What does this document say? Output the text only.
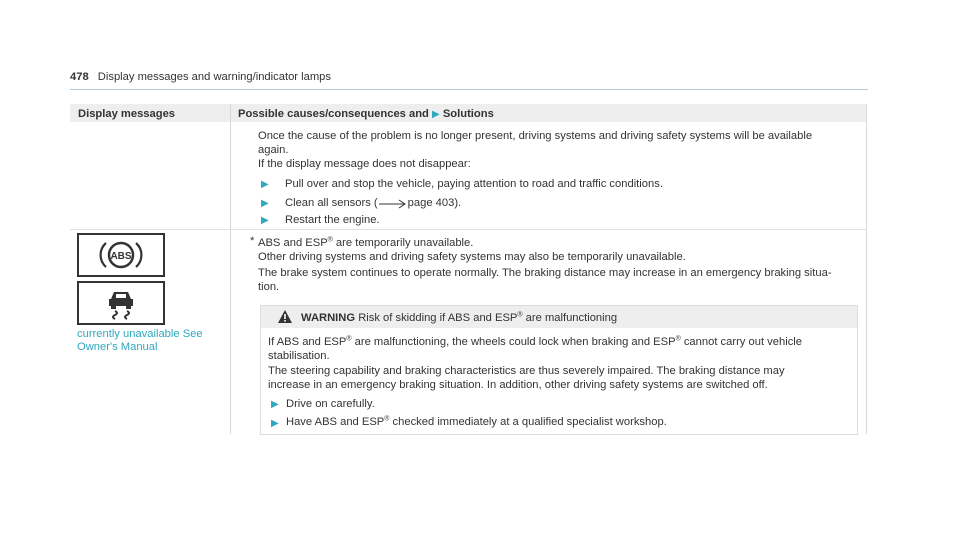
478 Display messages and warning/indicator lamps
Display messages	Possible causes/consequences and ▶ Solutions
Once the cause of the problem is no longer present, driving systems and driving safety systems will be available
again.
If the display message does not disappear:
▶ Pull over and stop the vehicle, paying attention to road and traffic conditions.
▶ Clean all sensors (	page 403).
▶ Restart the engine.
ABS
currently unavailable See
Owner's Manual
* ABS and ESP® are temporarily unavailable.
Other driving systems and driving safety systems may also be temporarily unavailable.
The brake system continues to operate normally. The braking distance may increase in an emergency braking situa-
tion.
WARNING Risk of skidding if ABS and ESP® are malfunctioning
If ABS and ESP® are malfunctioning, the wheels could lock when braking and ESP® cannot carry out vehicle
stabilisation.
The steering capability and braking characteristics are thus severely impaired. The braking distance may
increase in an emergency braking situation. In addition, other driving safety systems are switched off.
▶ Drive on carefully.
▶ Have ABS and ESP® checked immediately at a qualified specialist workshop.
